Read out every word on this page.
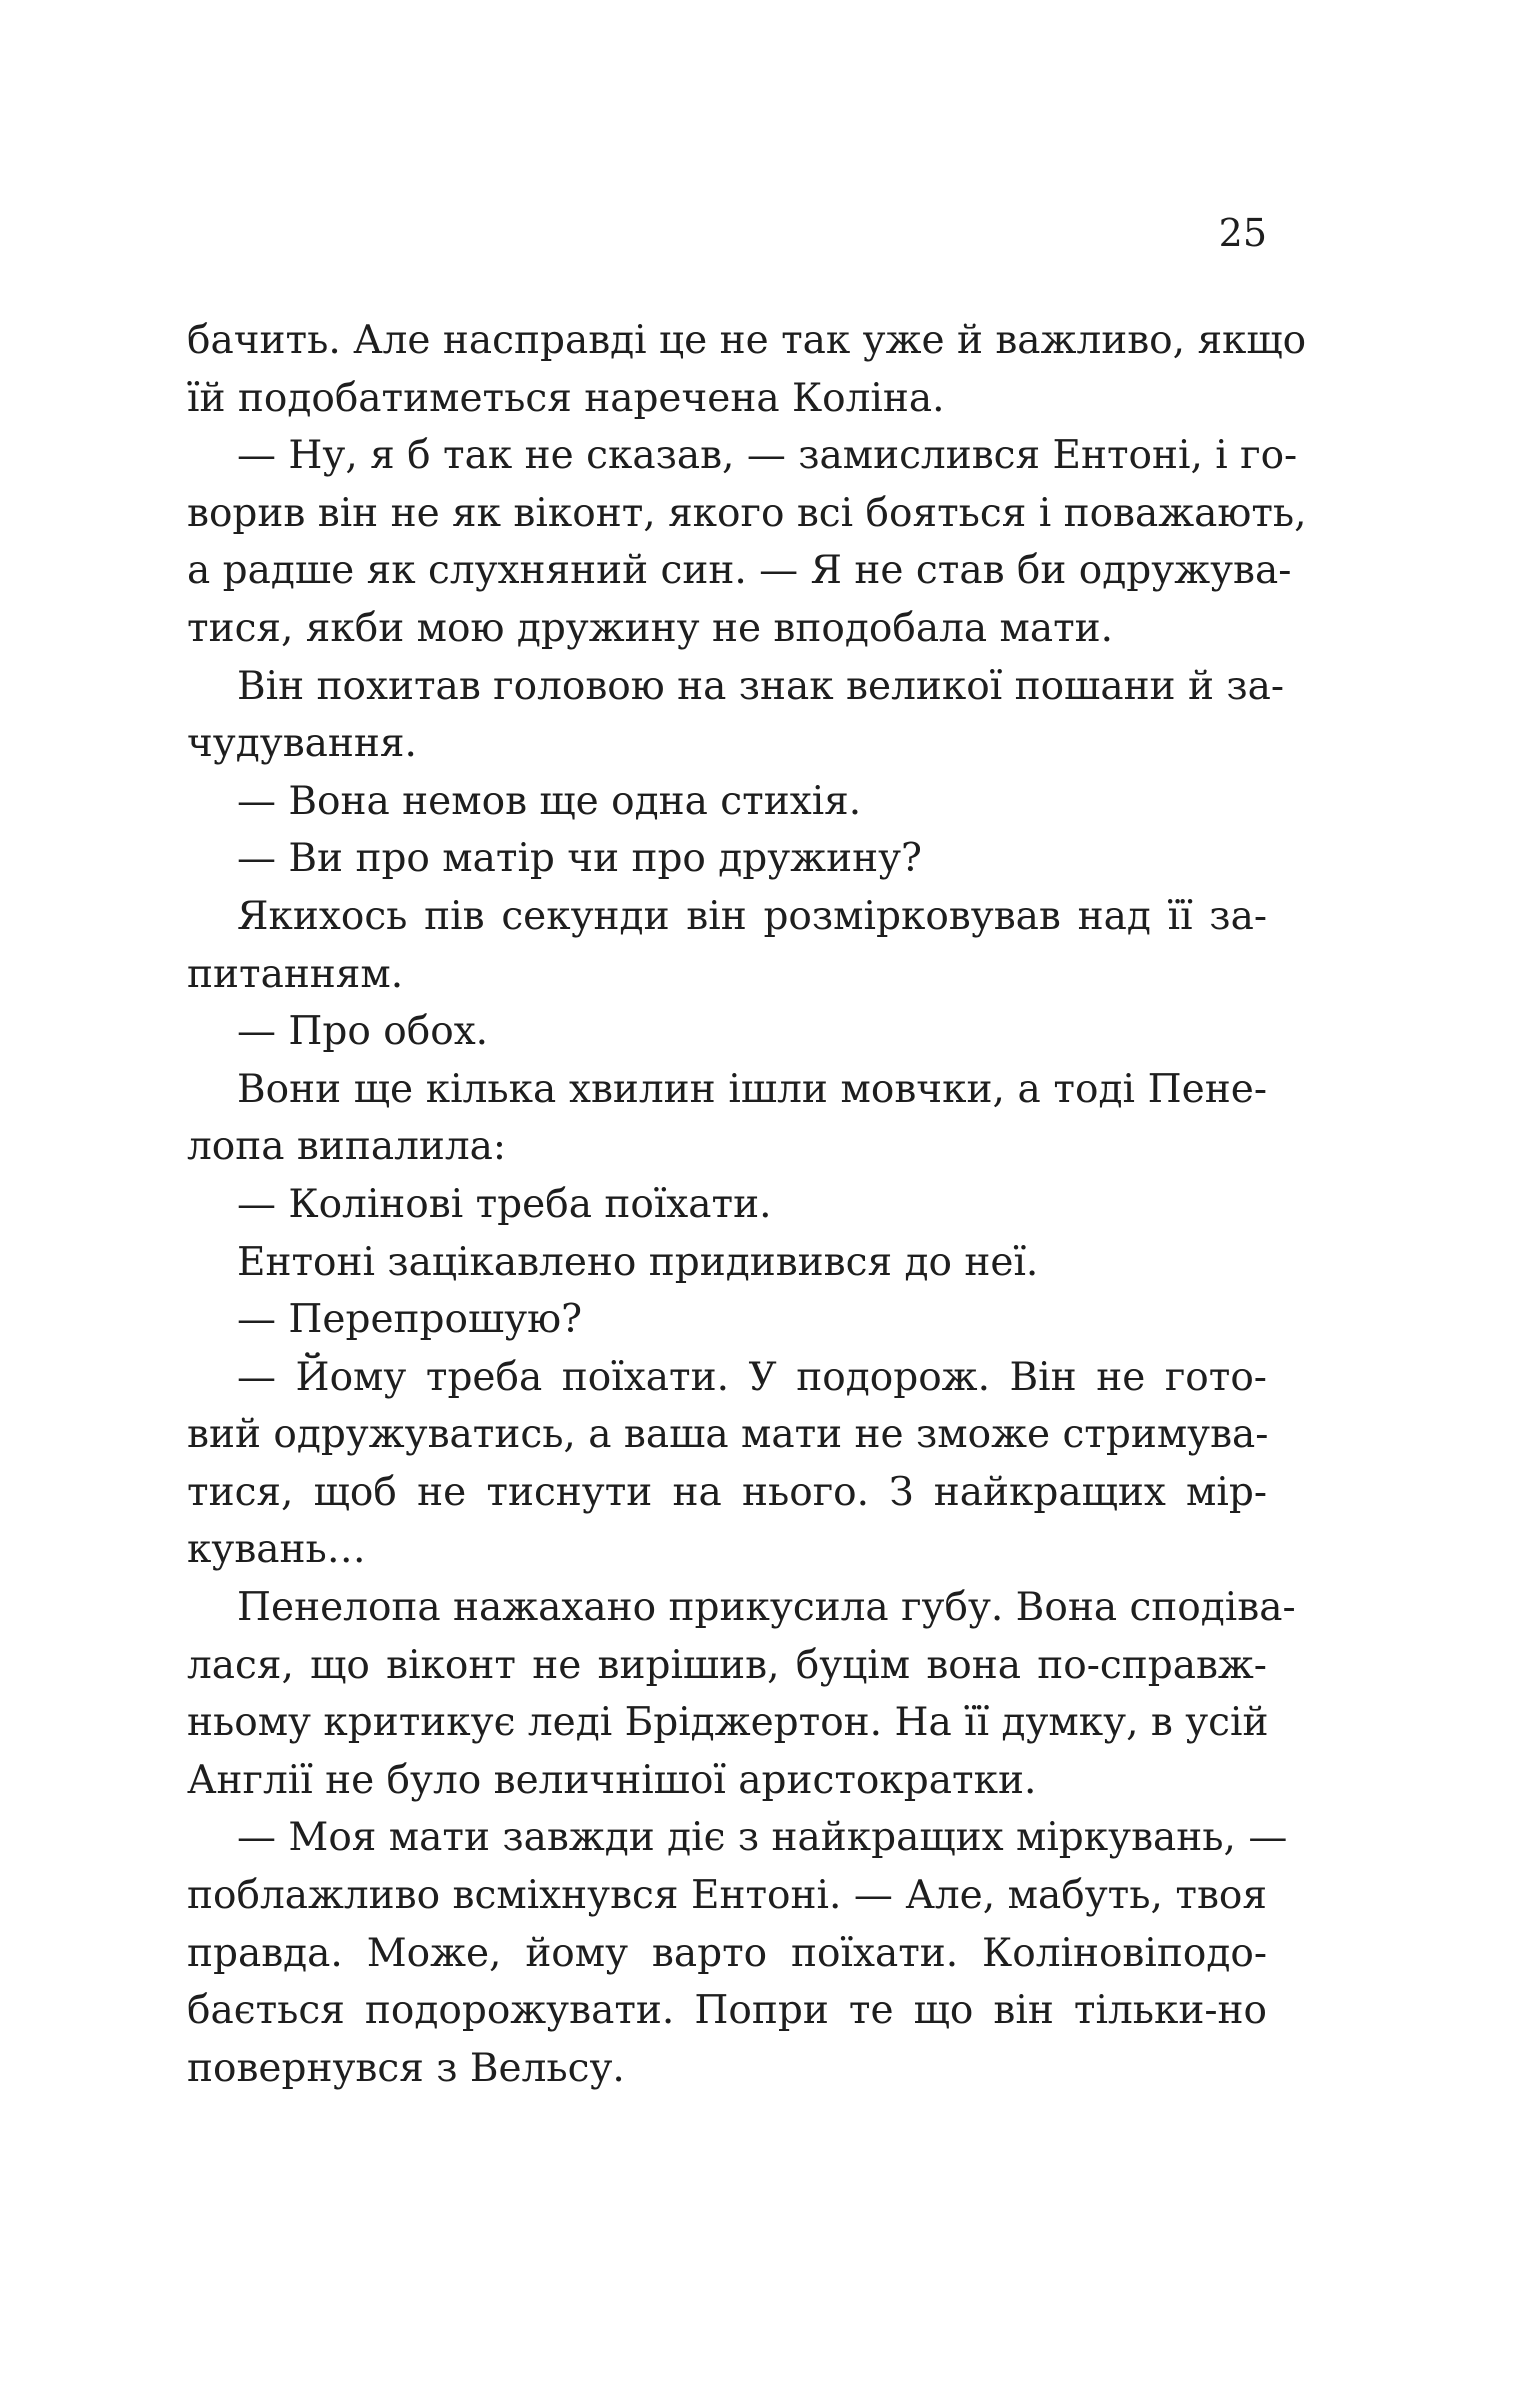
25
бачить. Але насправді це не так уже й важливо, якщо
їй подобатиметься наречена Коліна.
— Ну, я б так не сказав, — замислився Ентоні, і го-
ворив він не як віконт, якого всі бояться і поважають,
а радше як слухняний син. — Я не став би одружува-
тися, якби мою дружину не вподобала мати.
Він похитав головою на знак великої пошани й за-
чудування.
— Вона немов ще одна стихія.
— Ви про матір чи про дружину?
Якихось пів секунди він розмірковував над її за-
питанням.
— Про обох.
Вони ще кілька хвилин ішли мовчки, а тоді Пене-
лопа випалила:
— Колінові треба поїхати.
Ентоні зацікавлено придивився до неї.
— Перепрошую?
— Йому треба поїхати. У подорож. Він не гото-
вий одружуватись, а ваша мати не зможе стримува-
тися, щоб не тиснути на нього. З найкращих мір-
кувань…
Пенелопа нажахано прикусила губу. Вона сподіва-
лася, що віконт не вирішив, буцім вона по-справж-
ньому критикує леді Бріджертон. На її думку, в усій
Англії не було величнішої аристократки.
— Моя мати завжди діє з найкращих міркувань, —
поблажливо всміхнувся Ентоні. — Але, мабуть, твоя
правда. Може, йому варто поїхати. Коліновіподо-
бається подорожувати. Попри те що він тільки-но
повернувся з Вельсу.
